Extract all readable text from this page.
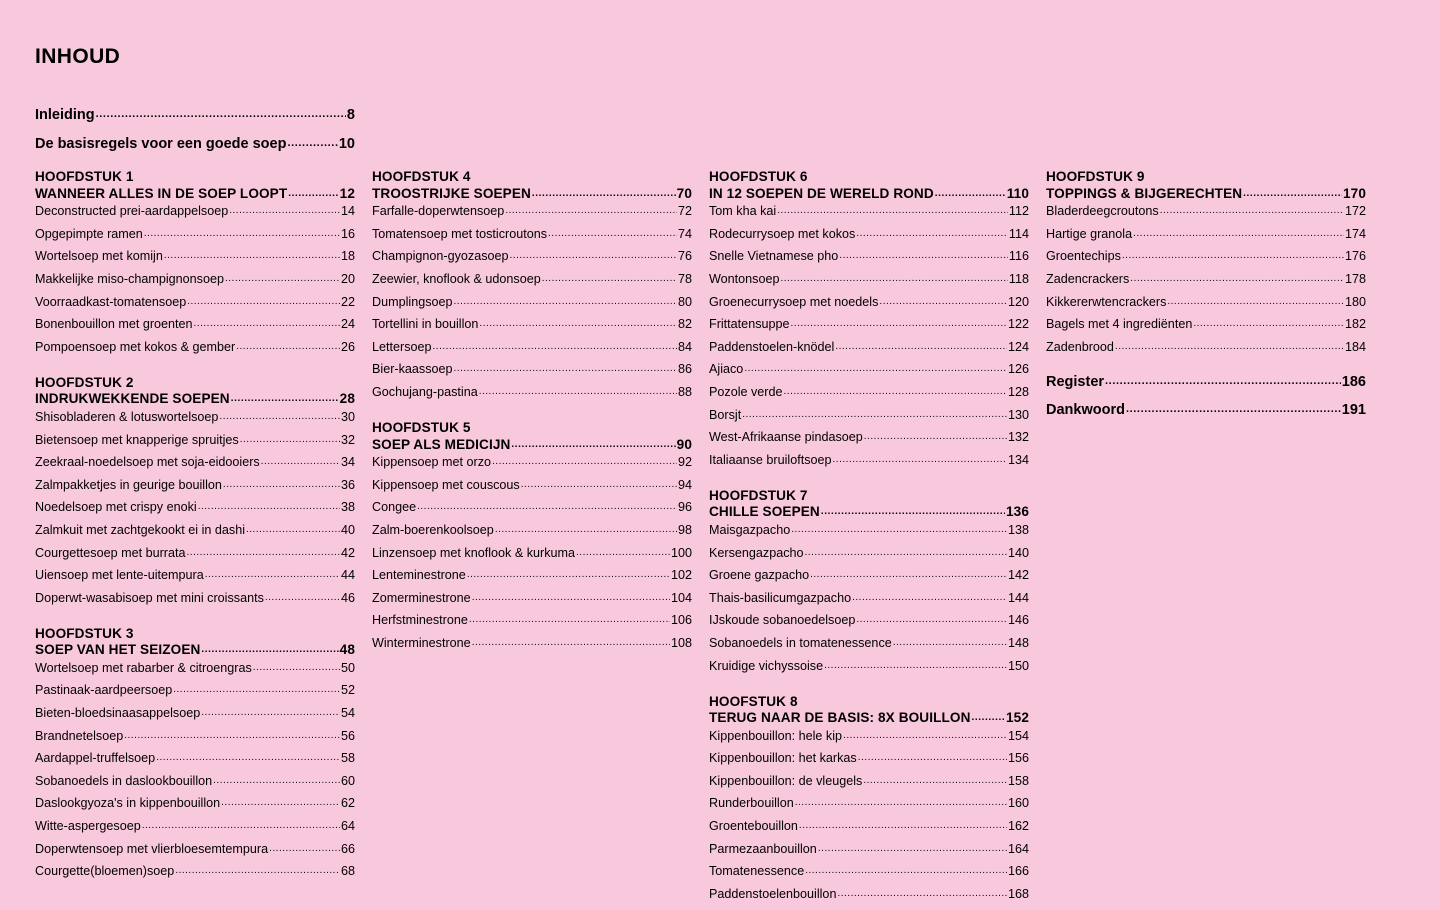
INHOUD
Inleiding .....	8
De basisregels voor een goede soep .....	10
HOOFDSTUK 1
WANNEER ALLES IN DE SOEP LOOPT .....	12
Deconstructed prei-aardappelsoep .....	14
Opgepimpte ramen .....	16
Wortelsoep met komijn .....	18
Makkelijke miso-champignonsoep .....	20
Voorraadkast-tomatensoep .....	22
Bonenbouillon met groenten .....	24
Pompoensoep met kokos & gember .....	26
HOOFDSTUK 2
INDRUKWEKKENDE SOEPEN .....	28
Shisobladeren & lotuswortelsoep .....	30
Bietensoep met knapperige spruitjes .....	32
Zeekraal-noedelsoep met soja-eidooiers .....	34
Zalmpakketjes in geurige bouillon .....	36
Noedelsoep met crispy enoki .....	38
Zalmkuit met zachtgekookt ei in dashi .....	40
Courgettesoep met burrata .....	42
Uiensoep met lente-uitempura .....	44
Doperwt-wasabisoep met mini croissants .....	46
HOOFDSTUK 3
SOEP VAN HET SEIZOEN .....	48
Wortelsoep met rabarber & citroengras .....	50
Pastinaak-aardpeersoep .....	52
Bieten-bloedsinaasappelsoep .....	54
Brandnetelsoep .....	56
Aardappel-truffelsoep .....	58
Sobanoedels in daslookbouillon .....	60
Daslookgyoza's in kippenbouillon .....	62
Witte-aspergesoep .....	64
Doperwtensoep met vlierbloesemtempura .....	66
Courgette(bloemen)soep .....	68
HOOFDSTUK 4
TROOSTRIJKE SOEPEN .....	70
Farfalle-doperwtensoep .....	72
Tomatensoep met tosticroutons .....	74
Champignon-gyozasoep .....	76
Zeewier, knoflook & udonsoep .....	78
Dumplingsoep .....	80
Tortellini in bouillon .....	82
Lettersoep .....	84
Bier-kaassoep .....	86
Gochujang-pastina .....	88
HOOFDSTUK 5
SOEP ALS MEDICIJN .....	90
Kippensoep met orzo .....	92
Kippensoep met couscous .....	94
Congee .....	96
Zalm-boerenkoolsoep .....	98
Linzensoep met knoflook & kurkuma .....	100
Lenteminestrone .....	102
Zomerminestrone .....	104
Herfstminestrone .....	106
Winterminestrone .....	108
HOOFDSTUK 6
IN 12 SOEPEN DE WERELD ROND .....	110
Tom kha kai .....	112
Rodecurrysoep met kokos .....	114
Snelle Vietnamese pho .....	116
Wontonsoep .....	118
Groenecurrysoep met noedels .....	120
Frittatensuppe .....	122
Paddenstoelen-knödel .....	124
Ajiaco .....	126
Pozole verde .....	128
Borsjt .....	130
West-Afrikaanse pindasoep .....	132
Italiaanse bruiloftsoep .....	134
HOOFDSTUK 7
CHILLE SOEPEN .....	136
Maisgazpacho .....	138
Kersengazpacho .....	140
Groene gazpacho .....	142
Thais-basilicumgazpacho .....	144
IJskoude sobanoedelsoep .....	146
Sobanoedels in tomatenessence .....	148
Kruidige vichyssoise .....	150
HOOFSTUK 8
TERUG NAAR DE BASIS: 8X BOUILLON .....	152
Kippenbouillon: hele kip .....	154
Kippenbouillon: het karkas .....	156
Kippenbouillon: de vleugels .....	158
Runderbouillon .....	160
Groentebouillon .....	162
Parmezaanbouillon .....	164
Tomatenessence .....	166
Paddenstoelenbouillon .....	168
HOOFDSTUK 9
TOPPINGS & BIJGERECHTEN .....	170
Bladerdeegcroutons .....	172
Hartige granola .....	174
Groentechips .....	176
Zadencrackers .....	178
Kikkererwtencrackers .....	180
Bagels met 4 ingrediënten .....	182
Zadenbrood .....	184
Register .....	186
Dankwoord .....	191
